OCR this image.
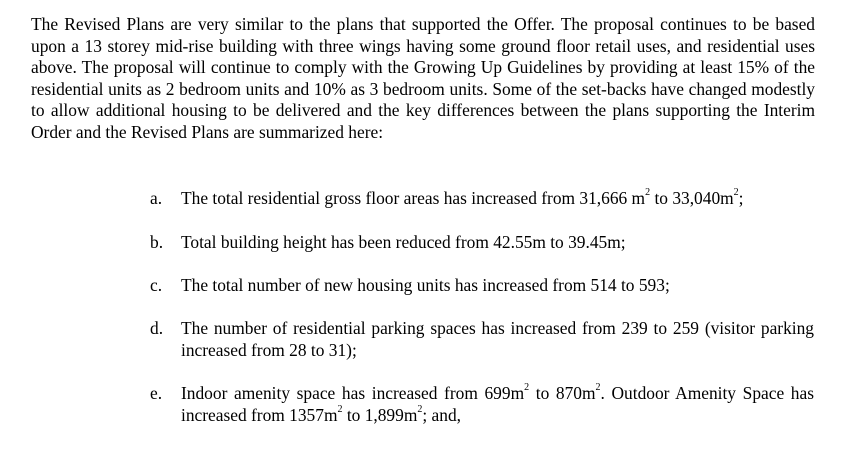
The Revised Plans are very similar to the plans that supported the Offer. The proposal continues to be based upon a 13 storey mid-rise building with three wings having some ground floor retail uses, and residential uses above. The proposal will continue to comply with the Growing Up Guidelines by providing at least 15% of the residential units as 2 bedroom units and 10% as 3 bedroom units. Some of the set-backs have changed modestly to allow additional housing to be delivered and the key differences between the plans supporting the Interim Order and the Revised Plans are summarized here:

a.	The total residential gross floor areas has increased from 31,666 $m^2$ to $33,040m^2$;
b.	Total building height has been reduced from 42.55m to 39.45m;
c.	The total number of new housing units has increased from 514 to 593;
d.	The number of residential parking spaces has increased from 239 to 259 (visitor parking increased from 28 to 31);
e.	Indoor amenity space has increased from $699m^2$ to $870m^2$. Outdoor Amenity Space has increased from $1357m^2$ to $1,899m^2$; and,
